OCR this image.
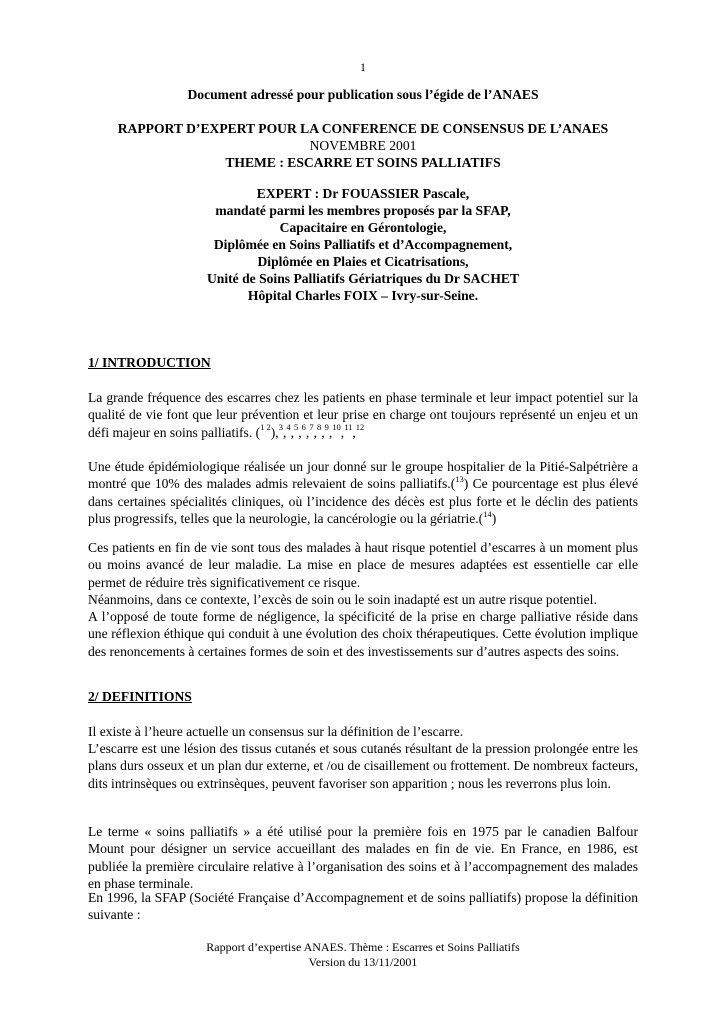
1
Document adressé pour publication sous l’égide de l’ANAES
RAPPORT D’EXPERT POUR LA CONFERENCE DE CONSENSUS DE L’ANAES
NOVEMBRE 2001
THEME : ESCARRE ET SOINS PALLIATIFS
EXPERT : Dr FOUASSIER Pascale,
mandaté parmi les membres proposés par la SFAP,
Capacitaire en Gérontologie,
Diplômée en Soins Palliatifs et d’Accompagnement,
Diplômée en Plaies et Cicatrisations,
Unité de Soins Palliatifs Gériatriques du Dr SACHET
Hôpital Charles FOIX – Ivry-sur-Seine.
1/ INTRODUCTION

La grande fréquence des escarres chez les patients en phase terminale et leur impact potentiel sur la qualité de vie font que leur prévention et leur prise en charge ont toujours représenté un enjeu et un défi majeur en soins palliatifs. ($^{1 2}$),$^3$,$^4$,$^5$,$^6$,$^7$,$^8$,$^9$,$^{10}$,$^{11}$,$^{12}$

Une étude épidémiologique réalisée un jour donné sur le groupe hospitalier de la Pitié-Salpétrière a montré que 10% des malades admis relevaient de soins palliatifs.($^{13}$) Ce pourcentage est plus élevé dans certaines spécialités cliniques, où l’incidence des décès est plus forte et le déclin des patients plus progressifs, telles que la neurologie, la cancérologie ou la gériatrie.($^{14}$)

Ces patients en fin de vie sont tous des malades à haut risque potentiel d’escarres à un moment plus ou moins avancé de leur maladie. La mise en place de mesures adaptées est essentielle car elle permet de réduire très significativement ce risque.

Néanmoins, dans ce contexte, l’excès de soin ou le soin inadapté est un autre risque potentiel.

A l’opposé de toute forme de négligence, la spécificité de la prise en charge palliative réside dans une réflexion éthique qui conduit à une évolution des choix thérapeutiques. Cette évolution implique des renoncements à certaines formes de soin et des investissements sur d’autres aspects des soins.

2/ DEFINITIONS

Il existe à l’heure actuelle un consensus sur la définition de l’escarre.

L’escarre est une lésion des tissus cutanés et sous cutanés résultant de la pression prolongée entre les plans durs osseux et un plan dur externe, et /ou de cisaillement ou frottement. De nombreux facteurs, dits intrinsèques ou extrinsèques, peuvent favoriser son apparition ; nous les reverrons plus loin.

Le terme « soins palliatifs » a été utilisé pour la première fois en 1975 par le canadien Balfour Mount pour désigner un service accueillant des malades en fin de vie. En France, en 1986, est publiée la première circulaire relative à l’organisation des soins et à l’accompagnement des malades en phase terminale.

En 1996, la SFAP (Société Française d’Accompagnement et de soins palliatifs) propose la définition suivante :

Rapport d’expertise ANAES. Thème : Escarres et Soins Palliatifs
Version du 13/11/2001
